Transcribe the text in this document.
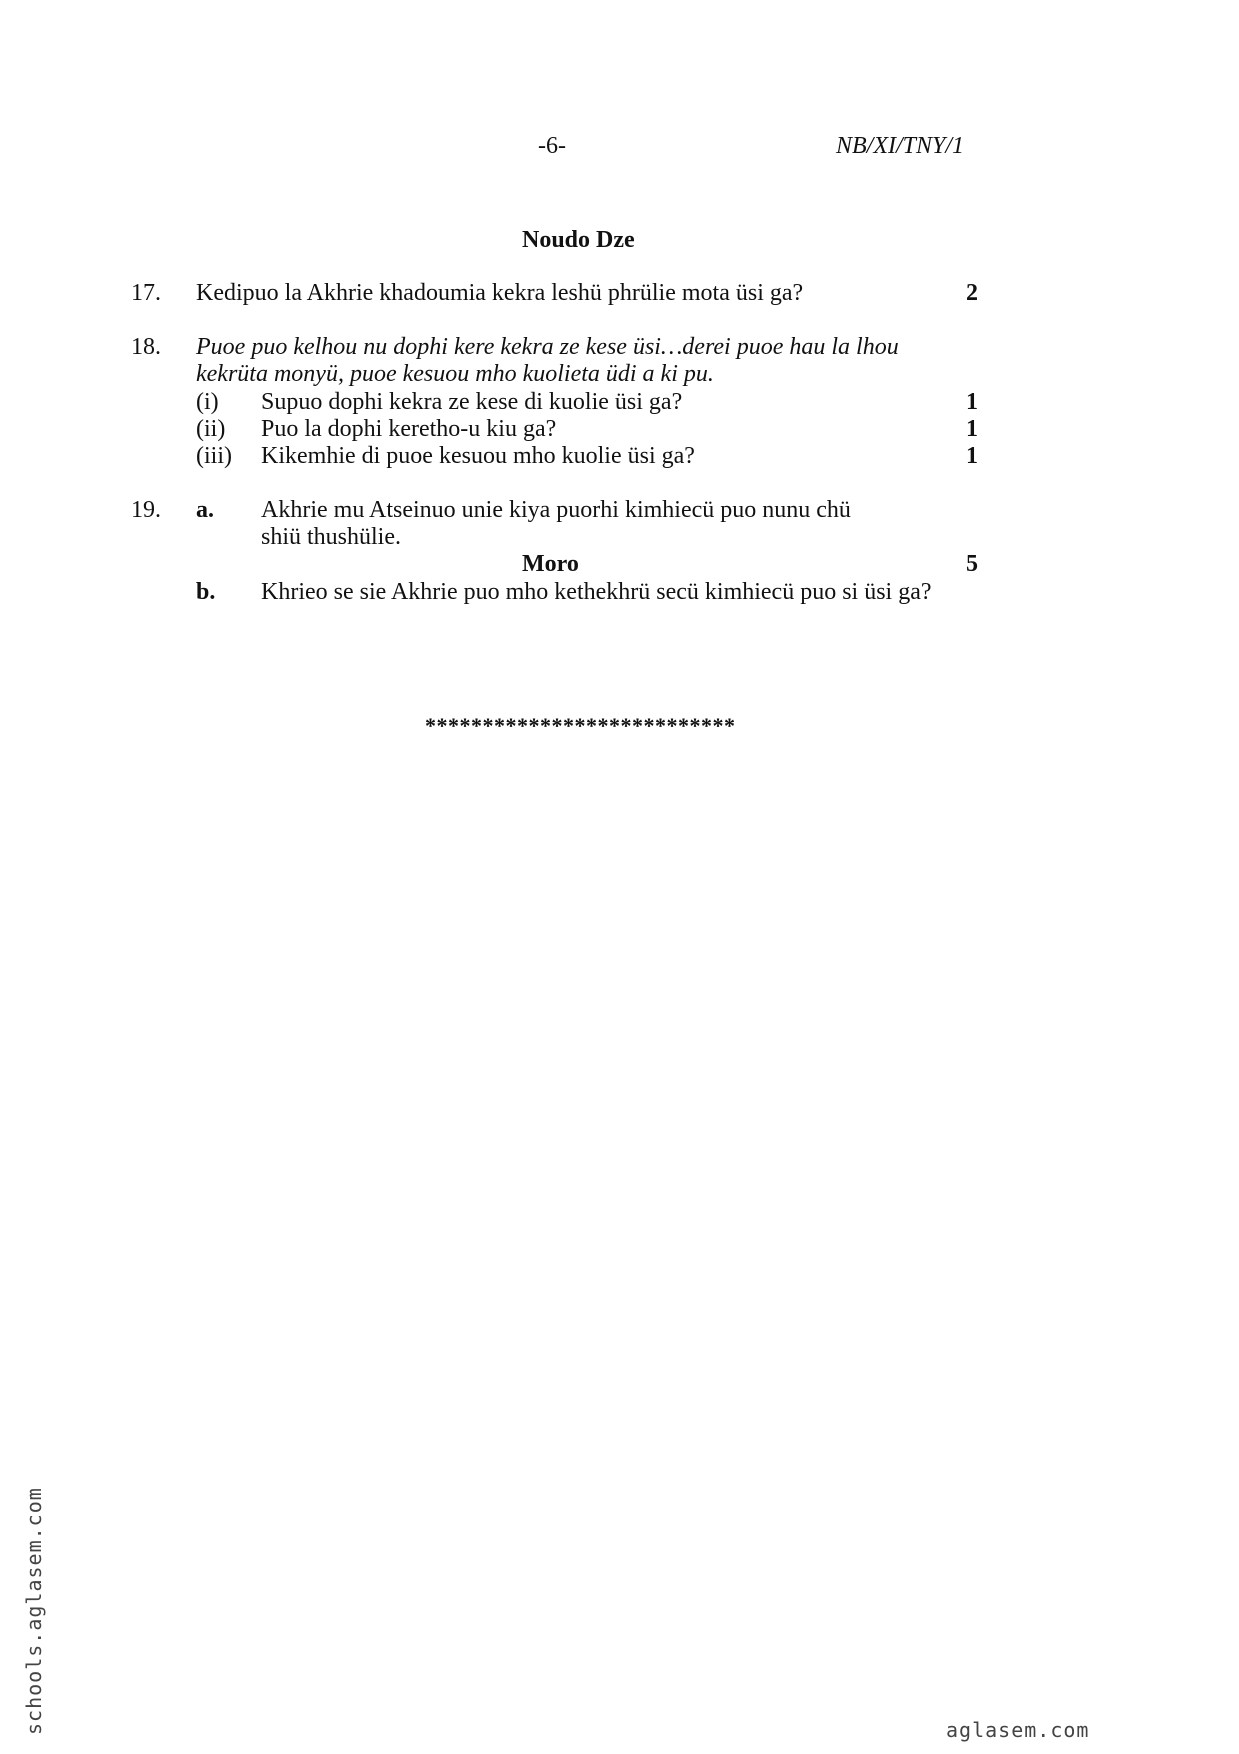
-6-	NB/XI/TNY/1
Noudo Dze
17. Kedipuo la Akhrie khadoumia kekra leshü phrülie mota üsi ga?	2
18. Puoe puo kelhou nu dophi kere kekra ze kese üsi…derei puoe hau la lhou
kekrüta monyü, puoe kesuou mho kuolieta üdi a ki pu.
(i) Supuo dophi kekra ze kese di kuolie üsi ga?	1
(ii) Puo la dophi keretho-u kiu ga?	1
(iii) Kikemhie di puoe kesuou mho kuolie üsi ga?	1
19. a. Akhrie mu Atseinuo unie kiya puorhi kimhiecü puo nunu chü
shiü thushülie.
Moro	5
b. Khrieo se sie Akhrie puo mho kethekhrü secü kimhiecü puo si üsi ga?
***************************
schools.aglasem.com	aglasem.com
